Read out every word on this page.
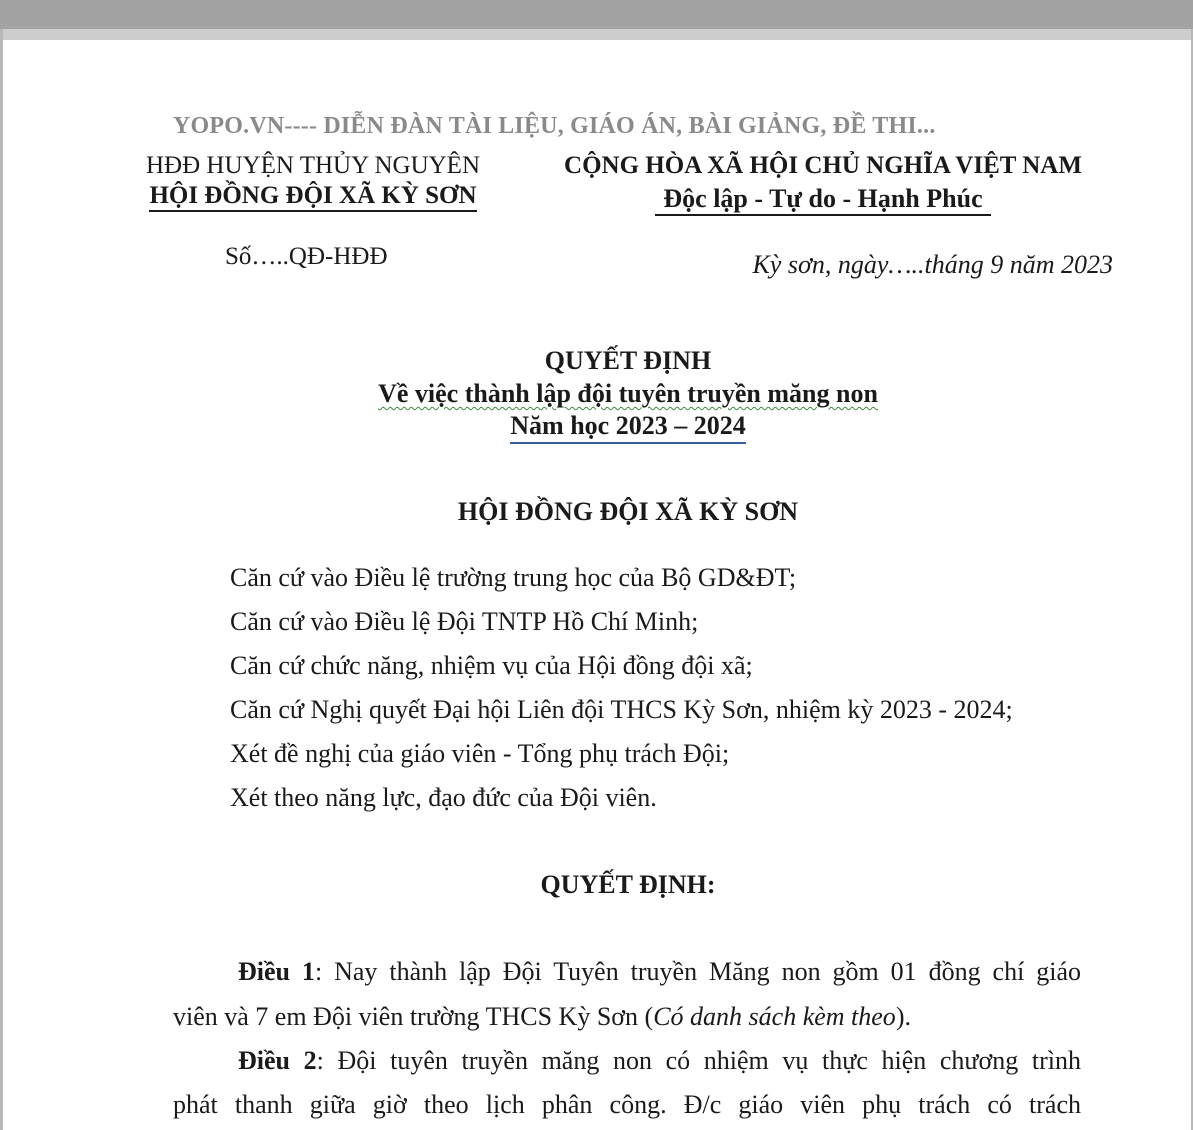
YOPO.VN---- DIỄN ĐÀN TÀI LIỆU, GIÁO ÁN, BÀI GIẢNG, ĐỀ THI...
HĐĐ HUYỆN THỦY NGUYÊN
HỘI ĐỒNG ĐỘI XÃ KỲ SƠN
CỘNG HÒA XÃ HỘI CHỦ NGHĨA VIỆT NAM
Độc lập - Tự do - Hạnh Phúc
Số…..QĐ-HĐĐ	Kỳ sơn, ngày…..tháng 9 năm 2023
QUYẾT ĐỊNH
Về việc thành lập đội tuyên truyền măng non
Năm học 2023 – 2024
HỘI ĐỒNG ĐỘI XÃ KỲ SƠN
Căn cứ vào Điều lệ trường trung học của Bộ GD&ĐT;
Căn cứ vào Điều lệ Đội TNTP Hồ Chí Minh;
Căn cứ chức năng, nhiệm vụ của Hội đồng đội xã;
Căn cứ Nghị quyết Đại hội Liên đội THCS Kỳ Sơn, nhiệm kỳ 2023 - 2024;
Xét đề nghị của giáo viên - Tổng phụ trách Đội;
Xét theo năng lực, đạo đức của Đội viên.
QUYẾT ĐỊNH:
Điều 1: Nay thành lập Đội Tuyên truyền Măng non gồm 01 đồng chí giáo
viên và 7 em Đội viên trường THCS Kỳ Sơn (Có danh sách kèm theo).
Điều 2: Đội tuyên truyền măng non có nhiệm vụ thực hiện chương trình
phát thanh giữa giờ theo lịch phân công. Đ/c giáo viên phụ trách có trách
